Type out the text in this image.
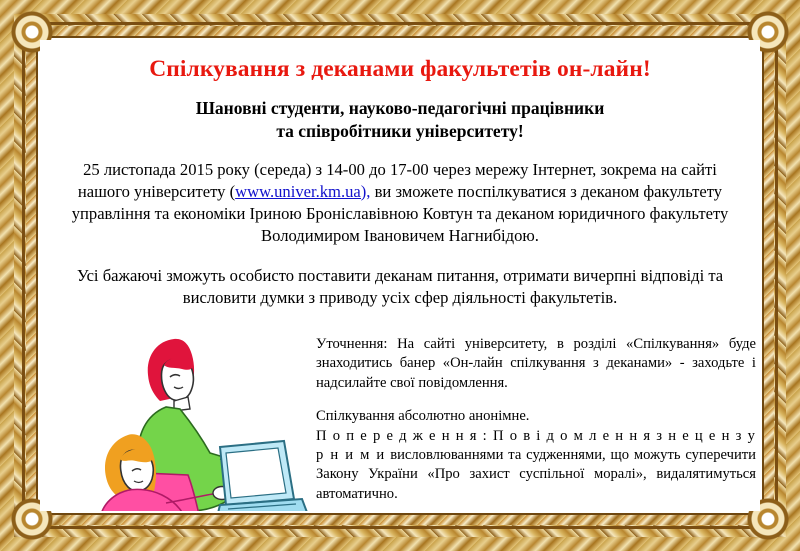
Спілкування з деканами факультетів он-лайн!
Шановні студенти, науково-педагогічні працівники
та співробітники університету!
25 листопада 2015 року (середа) з 14-00 до 17-00 через мережу Інтернет, зокрема на сайті нашого університету (www.univer.km.ua), ви зможете поспілкуватися з деканом факультету управління та економіки Іриною Броніславівною Ковтун та деканом юридичного факультету Володимиром Івановичем Нагнибідою.
Усі бажаючі зможуть особисто поставити деканам питання, отримати вичерпні відповіді та висловити думки з приводу усіх сфер діяльності факультетів.

Уточнення: На сайті університету, в розділі «Спілкування» буде знаходитись банер «Он-лайн спілкування з деканами» - заходьте і надсилайте свої повідомлення.

Спілкування абсолютно анонімне.
П о п е р е д ж е н н я : П о в і д о м л е н н я з н е ц е н з у р н и м и висловлюваннями та судженнями, що можуть суперечити Закону України «Про захист суспільної моралі», видалятимуться автоматично.
